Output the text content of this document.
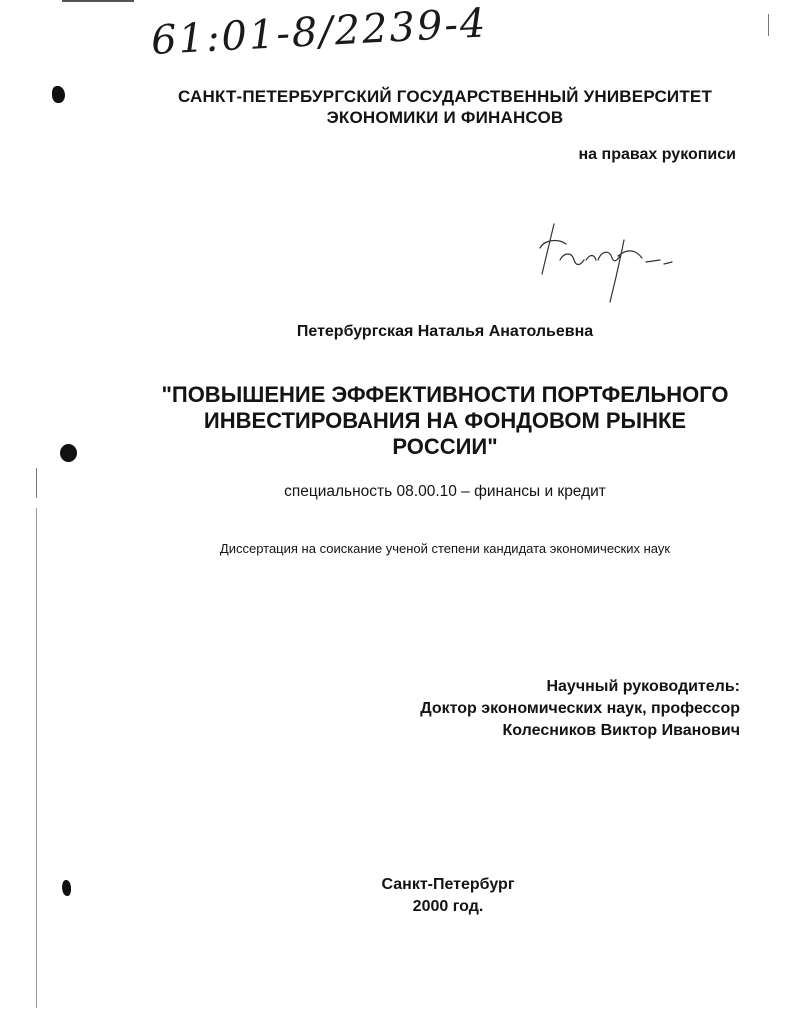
61:01-8/2239-4
САНКТ-ПЕТЕРБУРГСКИЙ ГОСУДАРСТВЕННЫЙ УНИВЕРСИТЕТ
ЭКОНОМИКИ И ФИНАНСОВ
на правах рукописи
Петербургская Наталья Анатольевна
"ПОВЫШЕНИЕ ЭФФЕКТИВНОСТИ ПОРТФЕЛЬНОГО
ИНВЕСТИРОВАНИЯ НА ФОНДОВОМ РЫНКЕ
РОССИИ"
специальность 08.00.10 – финансы и кредит
Диссертация на соискание ученой степени кандидата экономических наук
Научный руководитель:
Доктор экономических наук, профессор
Колесников Виктор Иванович
Санкт-Петербург
2000 год.
